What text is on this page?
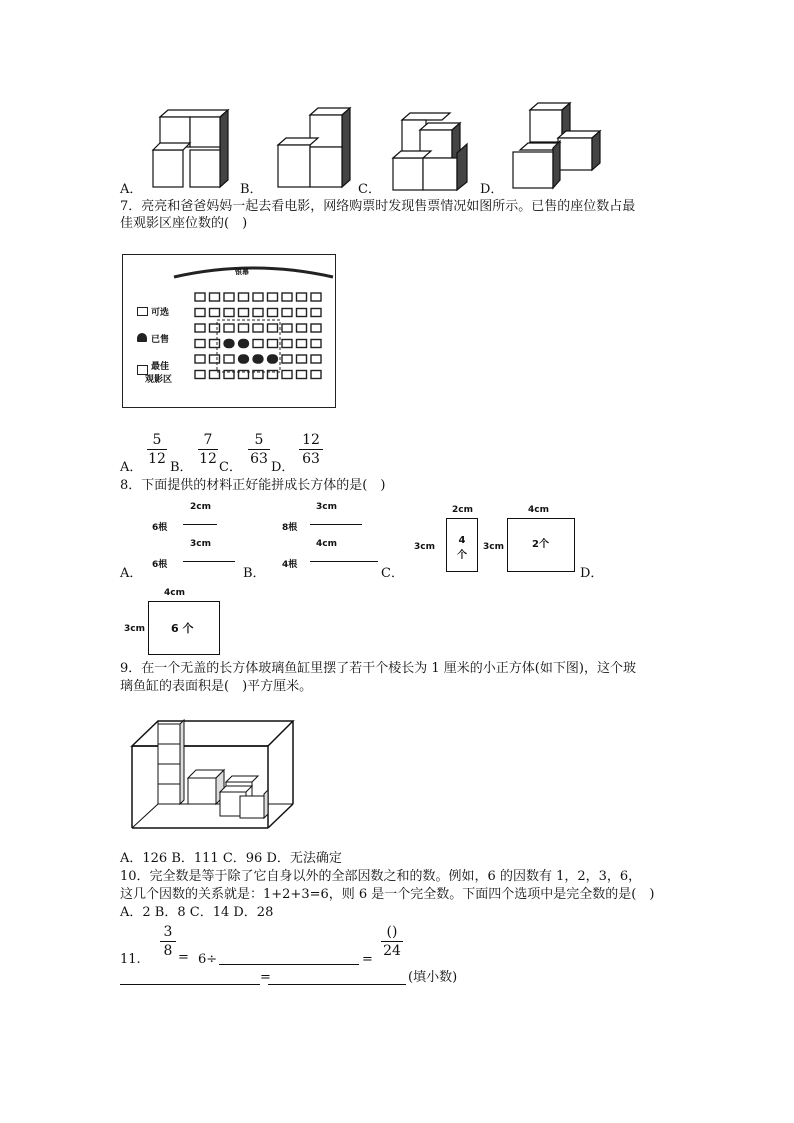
A．	B．	C．	D．
7．亮亮和爸爸妈妈一起去看电影，网络购票时发现售票情况如图所示。已售的座位数占最
佳观影区座位数的(　)
银幕
可选
已售
最佳
观影区
A．
5
12
B．
7
12
C．
5
63
D．
12
63
8．下面提供的材料正好能拼成长方体的是(　)
2cm
6根
3cm
6根
A．
3cm
8根
4cm
4根
B．	C．
2cm
3cm
4
个
3cm
4cm
2个
D．
4cm
3cm 6 个
9．在一个无盖的长方体玻璃鱼缸里摆了若干个棱长为 1 厘米的小正方体(如下图)，这个玻
璃鱼缸的表面积是(　)平方厘米。
A．126 B．111 C．96 D．无法确定
10．完全数是等于除了它自身以外的全部因数之和的数。例如，6 的因数有 1，2，3，6，
这几个因数的关系就是：1+2+3=6，则 6 是一个完全数。下面四个选项中是完全数的是(　)
A．2 B．8 C．14 D．28
11.
3
8 = 6÷	=
()
24
=	(填小数)
